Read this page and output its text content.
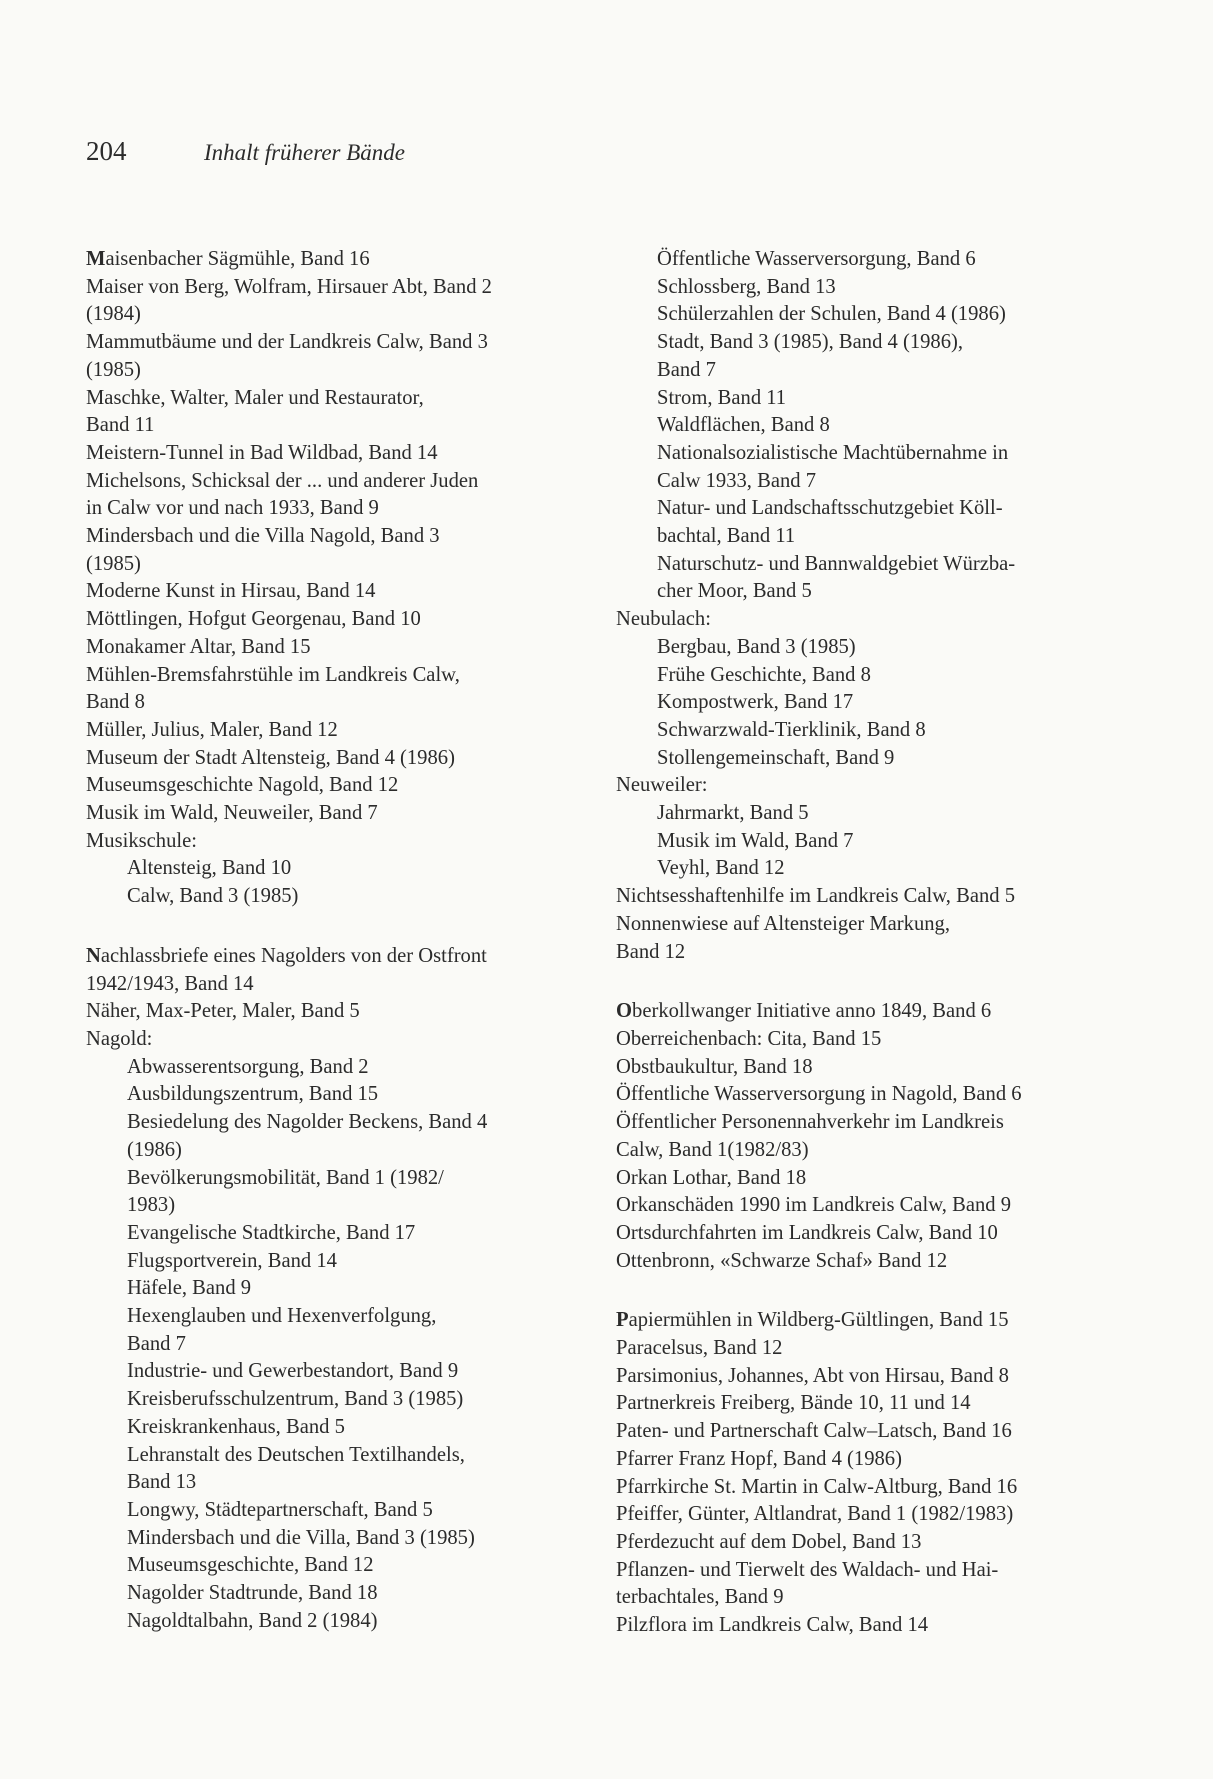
204	Inhalt früherer Bände
Maisenbacher Sägmühle, Band 16
Maiser von Berg, Wolfram, Hirsauer Abt, Band 2
(1984)
Mammutbäume und der Landkreis Calw, Band 3
(1985)
Maschke, Walter, Maler und Restaurator,
Band 11
Meistern-Tunnel in Bad Wildbad, Band 14
Michelsons, Schicksal der ... und anderer Juden
in Calw vor und nach 1933, Band 9
Mindersbach und die Villa Nagold, Band 3
(1985)
Moderne Kunst in Hirsau, Band 14
Möttlingen, Hofgut Georgenau, Band 10
Monakamer Altar, Band 15
Mühlen-Bremsfahrstühle im Landkreis Calw,
Band 8
Müller, Julius, Maler, Band 12
Museum der Stadt Altensteig, Band 4 (1986)
Museumsgeschichte Nagold, Band 12
Musik im Wald, Neuweiler, Band 7
Musikschule:
Altensteig, Band 10
Calw, Band 3 (1985)
Nachlassbriefe eines Nagolders von der Ostfront
1942/1943, Band 14
Näher, Max-Peter, Maler, Band 5
Nagold:
Abwasserentsorgung, Band 2
Ausbildungszentrum, Band 15
Besiedelung des Nagolder Beckens, Band 4
(1986)
Bevölkerungsmobilität, Band 1 (1982/
1983)
Evangelische Stadtkirche, Band 17
Flugsportverein, Band 14
Häfele, Band 9
Hexenglauben und Hexenverfolgung,
Band 7
Industrie- und Gewerbestandort, Band 9
Kreisberufsschulzentrum, Band 3 (1985)
Kreiskrankenhaus, Band 5
Lehranstalt des Deutschen Textilhandels,
Band 13
Longwy, Städtepartnerschaft, Band 5
Mindersbach und die Villa, Band 3 (1985)
Museumsgeschichte, Band 12
Nagolder Stadtrunde, Band 18
Nagoldtalbahn, Band 2 (1984)
Öffentliche Wasserversorgung, Band 6
Schlossberg, Band 13
Schülerzahlen der Schulen, Band 4 (1986)
Stadt, Band 3 (1985), Band 4 (1986),
Band 7
Strom, Band 11
Waldflächen, Band 8
Nationalsozialistische Machtübernahme in
Calw 1933, Band 7
Natur- und Landschaftsschutzgebiet Köll-
bachtal, Band 11
Naturschutz- und Bannwaldgebiet Würzba-
cher Moor, Band 5
Neubulach:
Bergbau, Band 3 (1985)
Frühe Geschichte, Band 8
Kompostwerk, Band 17
Schwarzwald-Tierklinik, Band 8
Stollengemeinschaft, Band 9
Neuweiler:
Jahrmarkt, Band 5
Musik im Wald, Band 7
Veyhl, Band 12
Nichtsesshaftenhilfe im Landkreis Calw, Band 5
Nonnenwiese auf Altensteiger Markung,
Band 12
Oberkollwanger Initiative anno 1849, Band 6
Oberreichenbach: Cita, Band 15
Obstbaukultur, Band 18
Öffentliche Wasserversorgung in Nagold, Band 6
Öffentlicher Personennahverkehr im Landkreis
Calw, Band 1(1982/83)
Orkan Lothar, Band 18
Orkanschäden 1990 im Landkreis Calw, Band 9
Ortsdurchfahrten im Landkreis Calw, Band 10
Ottenbronn, «Schwarze Schaf» Band 12
Papiermühlen in Wildberg-Gültlingen, Band 15
Paracelsus, Band 12
Parsimonius, Johannes, Abt von Hirsau, Band 8
Partnerkreis Freiberg, Bände 10, 11 und 14
Paten- und Partnerschaft Calw–Latsch, Band 16
Pfarrer Franz Hopf, Band 4 (1986)
Pfarrkirche St. Martin in Calw-Altburg, Band 16
Pfeiffer, Günter, Altlandrat, Band 1 (1982/1983)
Pferdezucht auf dem Dobel, Band 13
Pflanzen- und Tierwelt des Waldach- und Hai-
terbachtales, Band 9
Pilzflora im Landkreis Calw, Band 14
